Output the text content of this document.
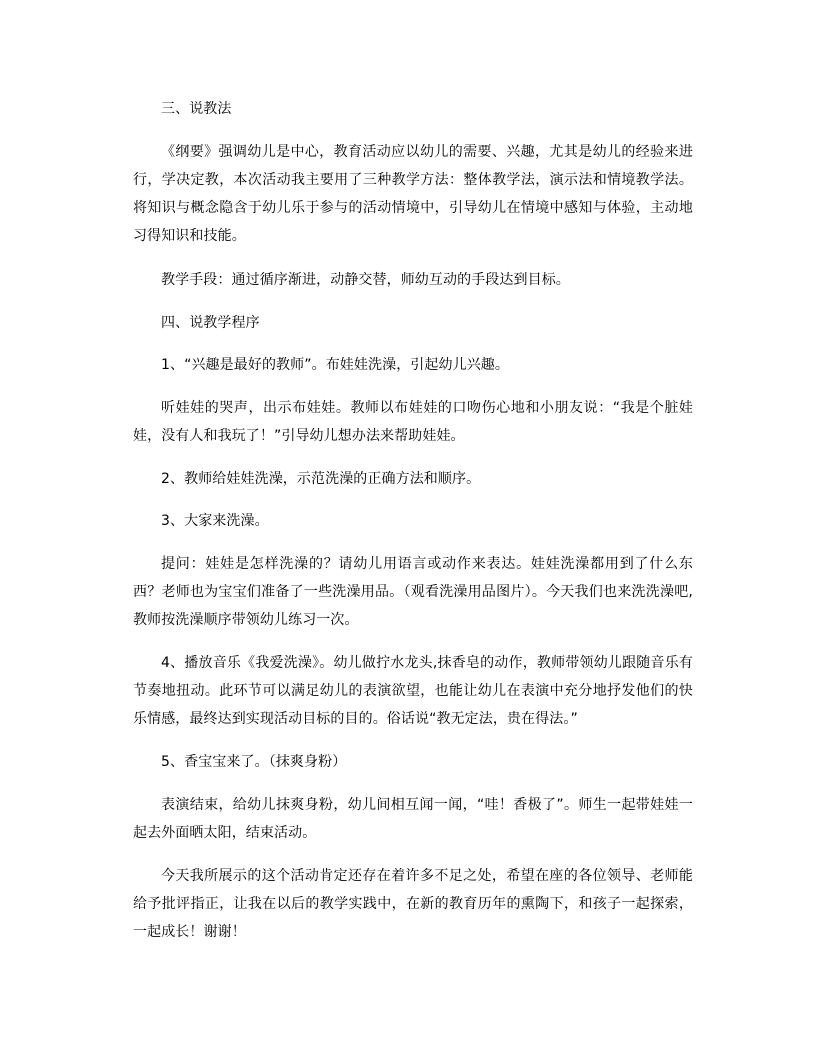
三、说教法

《纲要》强调幼儿是中心，教育活动应以幼儿的需要、兴趣，尤其是幼儿的经验来进行，学决定教，本次活动我主要用了三种教学方法：整体教学法，演示法和情境教学法。将知识与概念隐含于幼儿乐于参与的活动情境中，引导幼儿在情境中感知与体验，主动地习得知识和技能。

教学手段：通过循序渐进，动静交替，师幼互动的手段达到目标。

四、说教学程序

1、“兴趣是最好的教师”。布娃娃洗澡，引起幼儿兴趣。

听娃娃的哭声，出示布娃娃。教师以布娃娃的口吻伤心地和小朋友说：“我是个脏娃娃，没有人和我玩了！”引导幼儿想办法来帮助娃娃。

2、教师给娃娃洗澡，示范洗澡的正确方法和顺序。

3、大家来洗澡。

提问：娃娃是怎样洗澡的？请幼儿用语言或动作来表达。娃娃洗澡都用到了什么东西？老师也为宝宝们准备了一些洗澡用品。（观看洗澡用品图片）。今天我们也来洗洗澡吧,教师按洗澡顺序带领幼儿练习一次。

4、播放音乐《我爱洗澡》。幼儿做拧水龙头,抹香皂的动作，教师带领幼儿跟随音乐有节奏地扭动。此环节可以满足幼儿的表演欲望，也能让幼儿在表演中充分地抒发他们的快乐情感，最终达到实现活动目标的目的。俗话说“教无定法，贵在得法。”

5、香宝宝来了。（抹爽身粉）

表演结束，给幼儿抹爽身粉，幼儿间相互闻一闻，“哇！香极了”。师生一起带娃娃一起去外面晒太阳，结束活动。

今天我所展示的这个活动肯定还存在着许多不足之处，希望在座的各位领导、老师能给予批评指正，让我在以后的教学实践中，在新的教育历年的熏陶下，和孩子一起探索，一起成长！谢谢！
